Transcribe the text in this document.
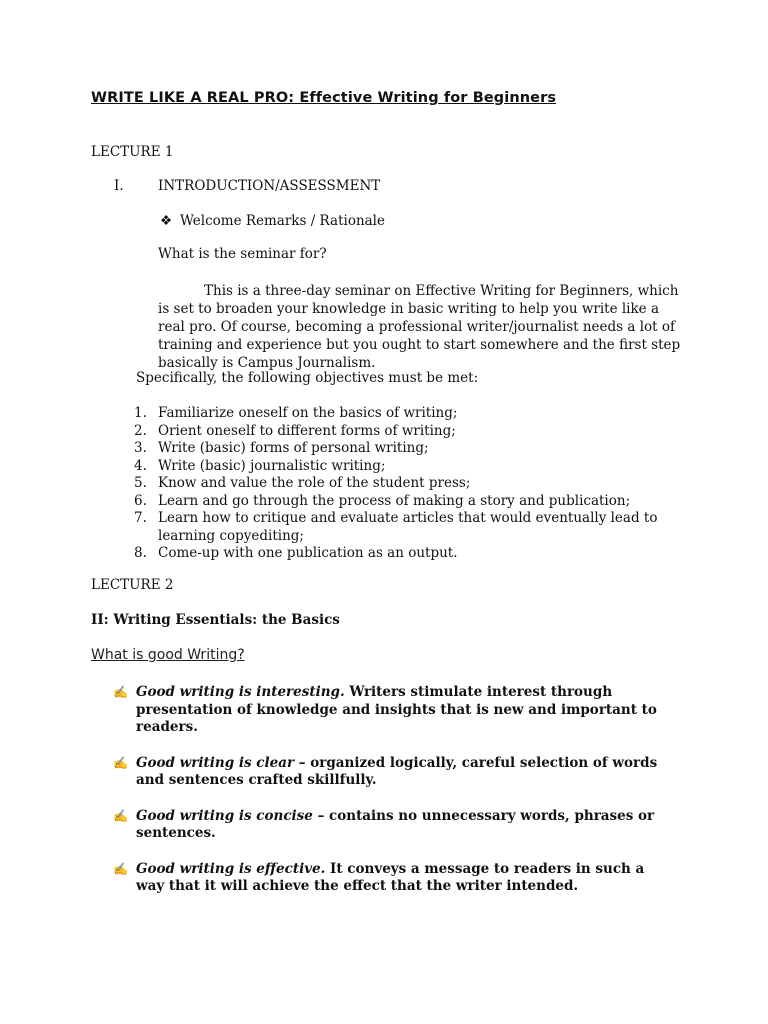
WRITE LIKE A REAL PRO: Effective Writing for Beginners
LECTURE 1
I.	INTRODUCTION/ASSESSMENT
❖ Welcome Remarks / Rationale
What is the seminar for?
This is a three-day seminar on Effective Writing for Beginners, which is set to broaden your knowledge in basic writing to help you write like a real pro. Of course, becoming a professional writer/journalist needs a lot of training and experience but you ought to start somewhere and the first step basically is Campus Journalism.
Specifically, the following objectives must be met:
1. Familiarize oneself on the basics of writing;
2. Orient oneself to different forms of writing;
3. Write (basic) forms of personal writing;
4. Write (basic) journalistic writing;
5. Know and value the role of the student press;
6. Learn and go through the process of making a story and publication;
7. Learn how to critique and evaluate articles that would eventually lead to learning copyediting;
8. Come-up with one publication as an output.
LECTURE 2
II: Writing Essentials: the Basics
What is good Writing?
✍ Good writing is interesting. Writers stimulate interest through presentation of knowledge and insights that is new and important to readers.
✍ Good writing is clear – organized logically, careful selection of words and sentences crafted skillfully.
✍ Good writing is concise – contains no unnecessary words, phrases or sentences.
✍ Good writing is effective. It conveys a message to readers in such a way that it will achieve the effect that the writer intended.
